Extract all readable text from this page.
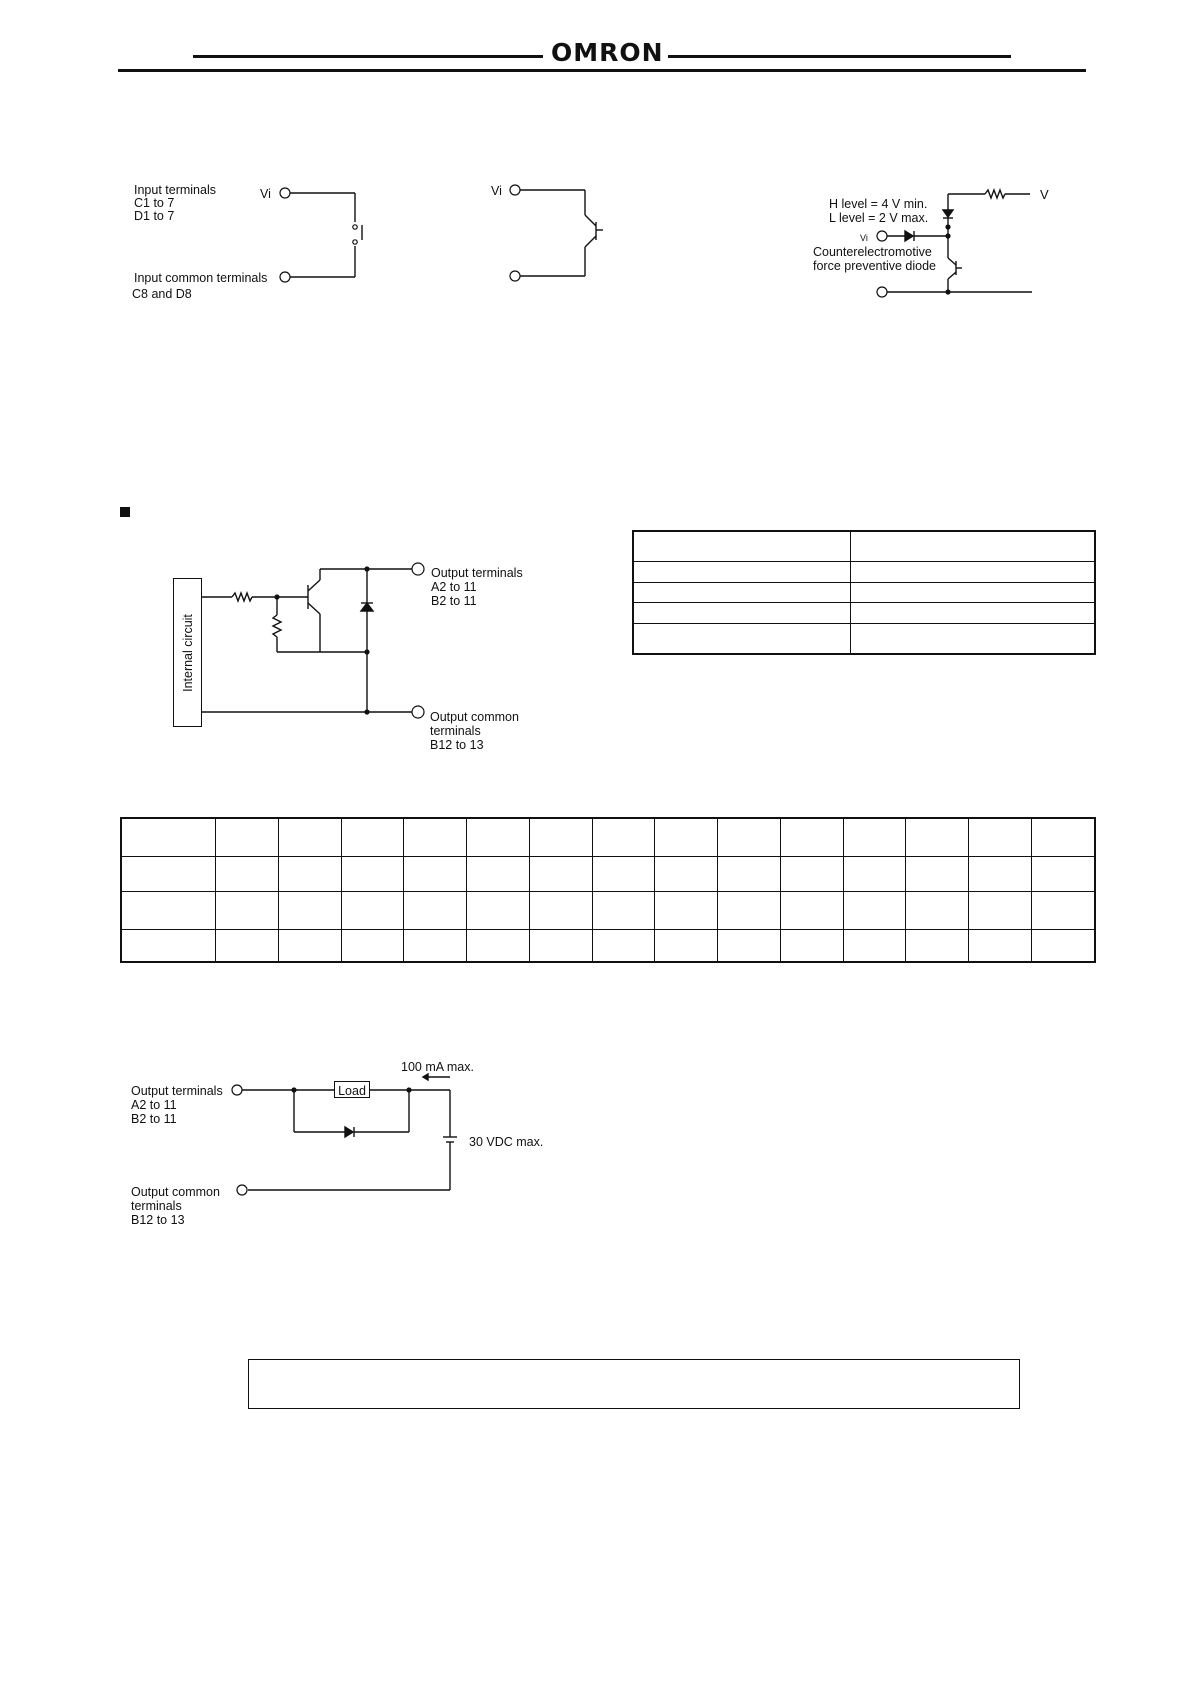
OMRON
Input terminals
C1 to 7
D1 to 7
Vi
Input common terminals
C8 and D8
Vi	V
H level = 4 V min.
L level = 2 V max.
Vi
Counterelectromotive
force preventive diode
Internal circuit
Output terminals
A2 to 11
B2 to 11
Output common
terminals
B12 to 13

Load
Output terminals
A2 to 11
B2 to 11
Output common
terminals
B12 to 13
100 mA max.
30 VDC max.
